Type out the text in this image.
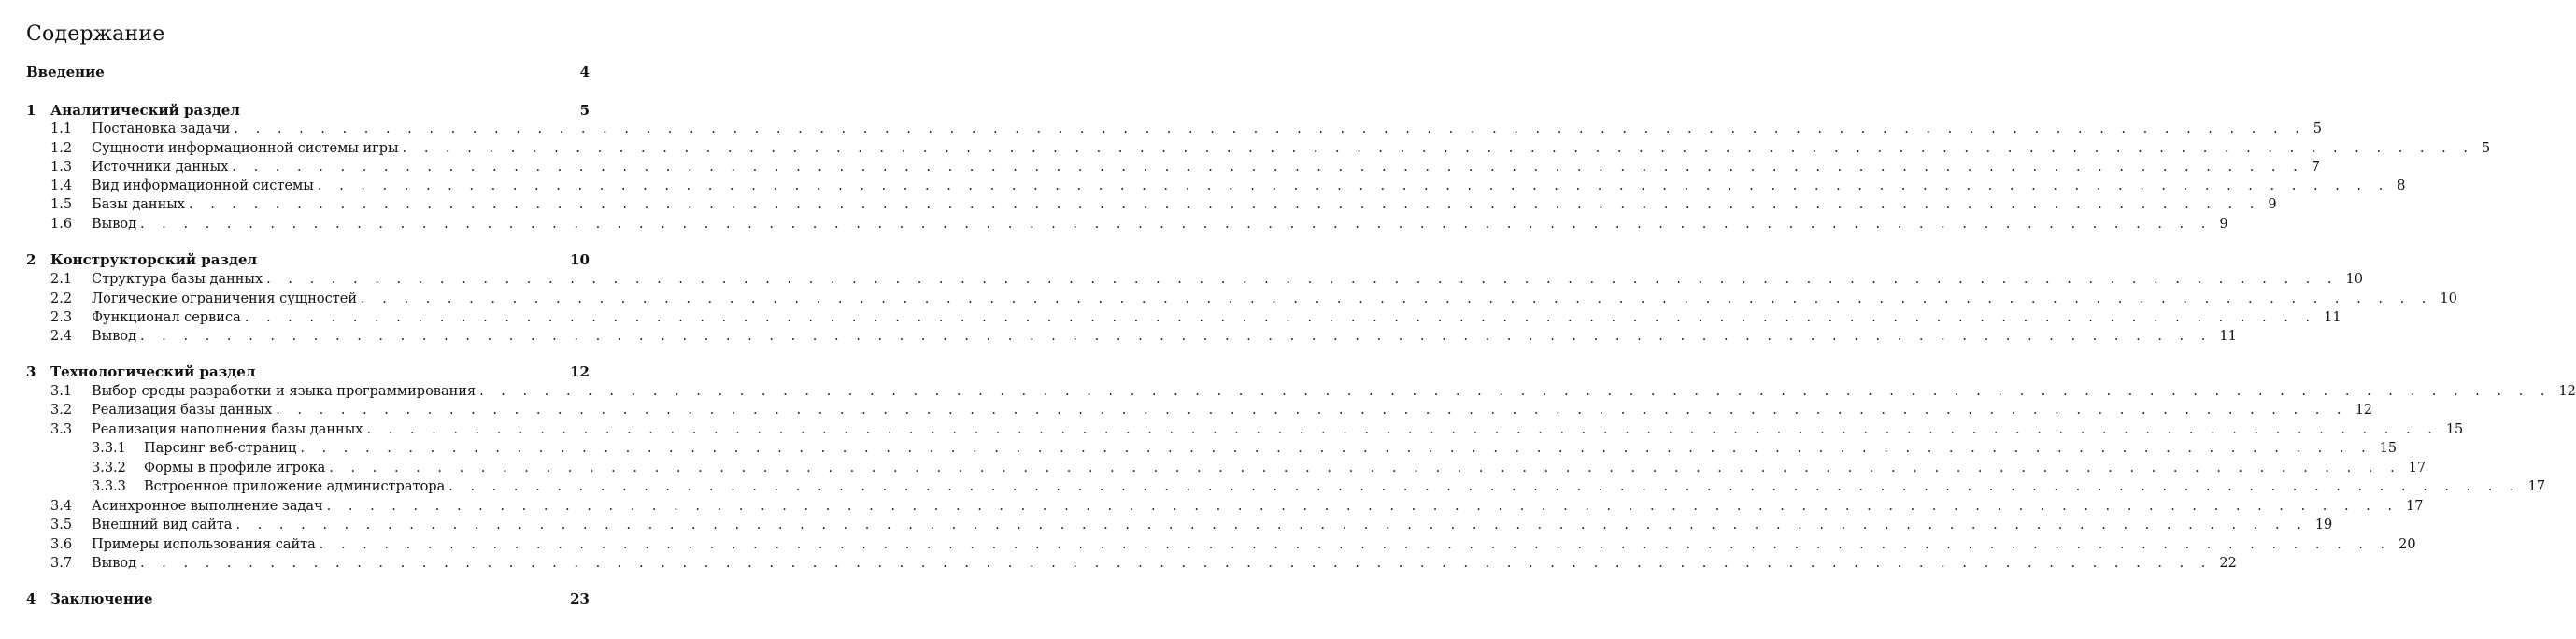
Содержание
Введение	4
1	Аналитический раздел	5
1.1	Постановка задачи . . .	5
1.2	Сущности информационной системы игры . . .	5
1.3	Источники данных . . .	7
1.4	Вид информационной системы . . .	8
1.5	Базы данных . . .	9
1.6	Вывод . . .	9
2	Конструкторский раздел	10
2.1	Структура базы данных . . .	10
2.2	Логические ограничения сущностей . . .	10
2.3	Функционал сервиса . . .	11
2.4	Вывод . . .	11
3	Технологический раздел	12
3.1	Выбор среды разработки и языка программирования . . .	12
3.2	Реализация базы данных . . .	12
3.3	Реализация наполнения базы данных . . .	15
3.3.1	Парсинг веб-страниц . . .	15
3.3.2	Формы в профиле игрока . . .	17
3.3.3	Встроенное приложение администратора . . .	17
3.4	Асинхронное выполнение задач . . .	17
3.5	Внешний вид сайта . . .	19
3.6	Примеры использования сайта . . .	20
3.7	Вывод . . .	22
4	Заключение	23
